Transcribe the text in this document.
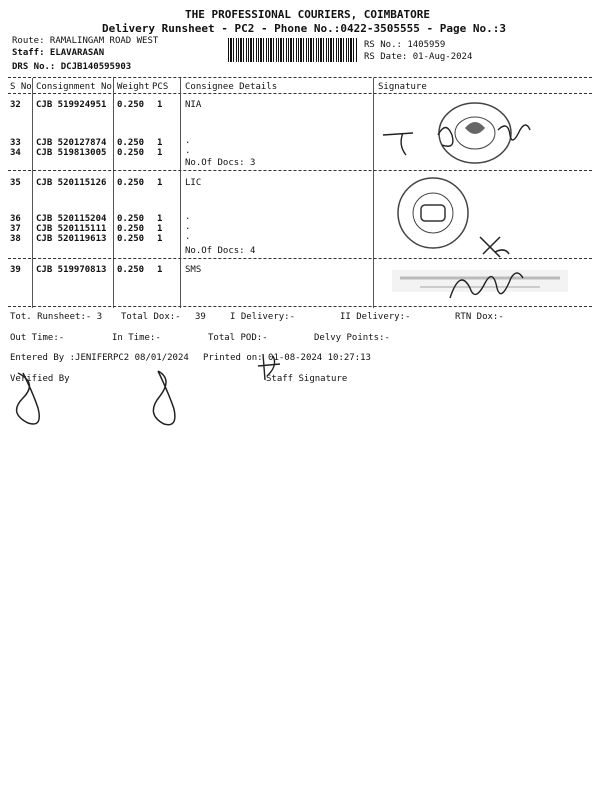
THE PROFESSIONAL COURIERS, COIMBATORE
Delivery Runsheet - PC2 - Phone No.:0422-3505555 - Page No.:3
Route: RAMALINGAM ROAD WEST
Staff: ELAVARASAN
DRS No.: DCJB140595903
RS No.: 1405959
RS Date: 01-Aug-2024
S No Consignment No Weight PCS Consignee Details	Signature
32 CJB 519924951 0.250 1	NIA
33 CJB 520127874 0.250 1	.
34 CJB 519813005 0.250 1	.
No.Of Docs: 3
35 CJB 520115126 0.250 1	LIC
36 CJB 520115204 0.250 1	.
37 CJB 520115111 0.250 1	.
38 CJB 520119613 0.250 1	.
No.Of Docs: 4
39 CJB 519970813 0.250 1	SMS
Tot. Runsheet:- 3 Total Dox:- 39	I Delivery:-	II Delivery:-	RTN Dox:-
Out Time:-	In Time:-	Total POD:-	Delvy Points:-
Entered By :JENIFERPC2 08/01/2024 Printed on: 01-08-2024 10:27:13
Verified By	Staff Signature
